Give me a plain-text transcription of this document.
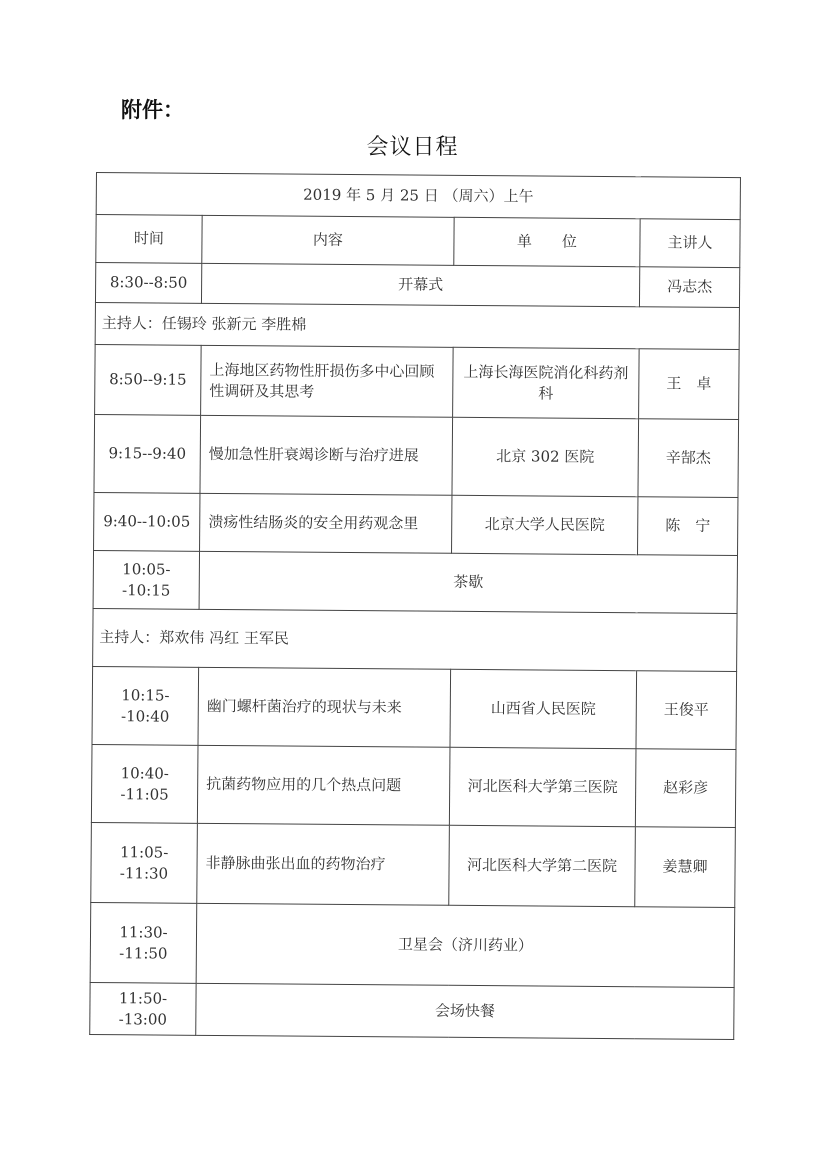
附件：
会议日程
2019 年 5 月 25 日 （周六）上午			
时间	内容	单　　位	主讲人
8:30--8:50	开幕式		冯志杰
主持人：任锡玲 张新元 李胜棉			
8:50--9:15	上海地区药物性肝损伤多中心回顾性调研及其思考	上海长海医院消化科药剂科	王　卓
9:15--9:40	慢加急性肝衰竭诊断与治疗进展	北京 302 医院	辛郜杰
9:40--10:05	溃疡性结肠炎的安全用药观念里	北京大学人民医院	陈　宁
10:05--10:15	茶歇		
主持人：郑欢伟 冯红 王军民			
10:15--10:40	幽门螺杆菌治疗的现状与未来	山西省人民医院	王俊平
10:40--11:05	抗菌药物应用的几个热点问题	河北医科大学第三医院	赵彩彦
11:05--11:30	非静脉曲张出血的药物治疗	河北医科大学第二医院	姜慧卿
11:30--11:50	卫星会（济川药业）		
11:50--13:00	会场快餐		
